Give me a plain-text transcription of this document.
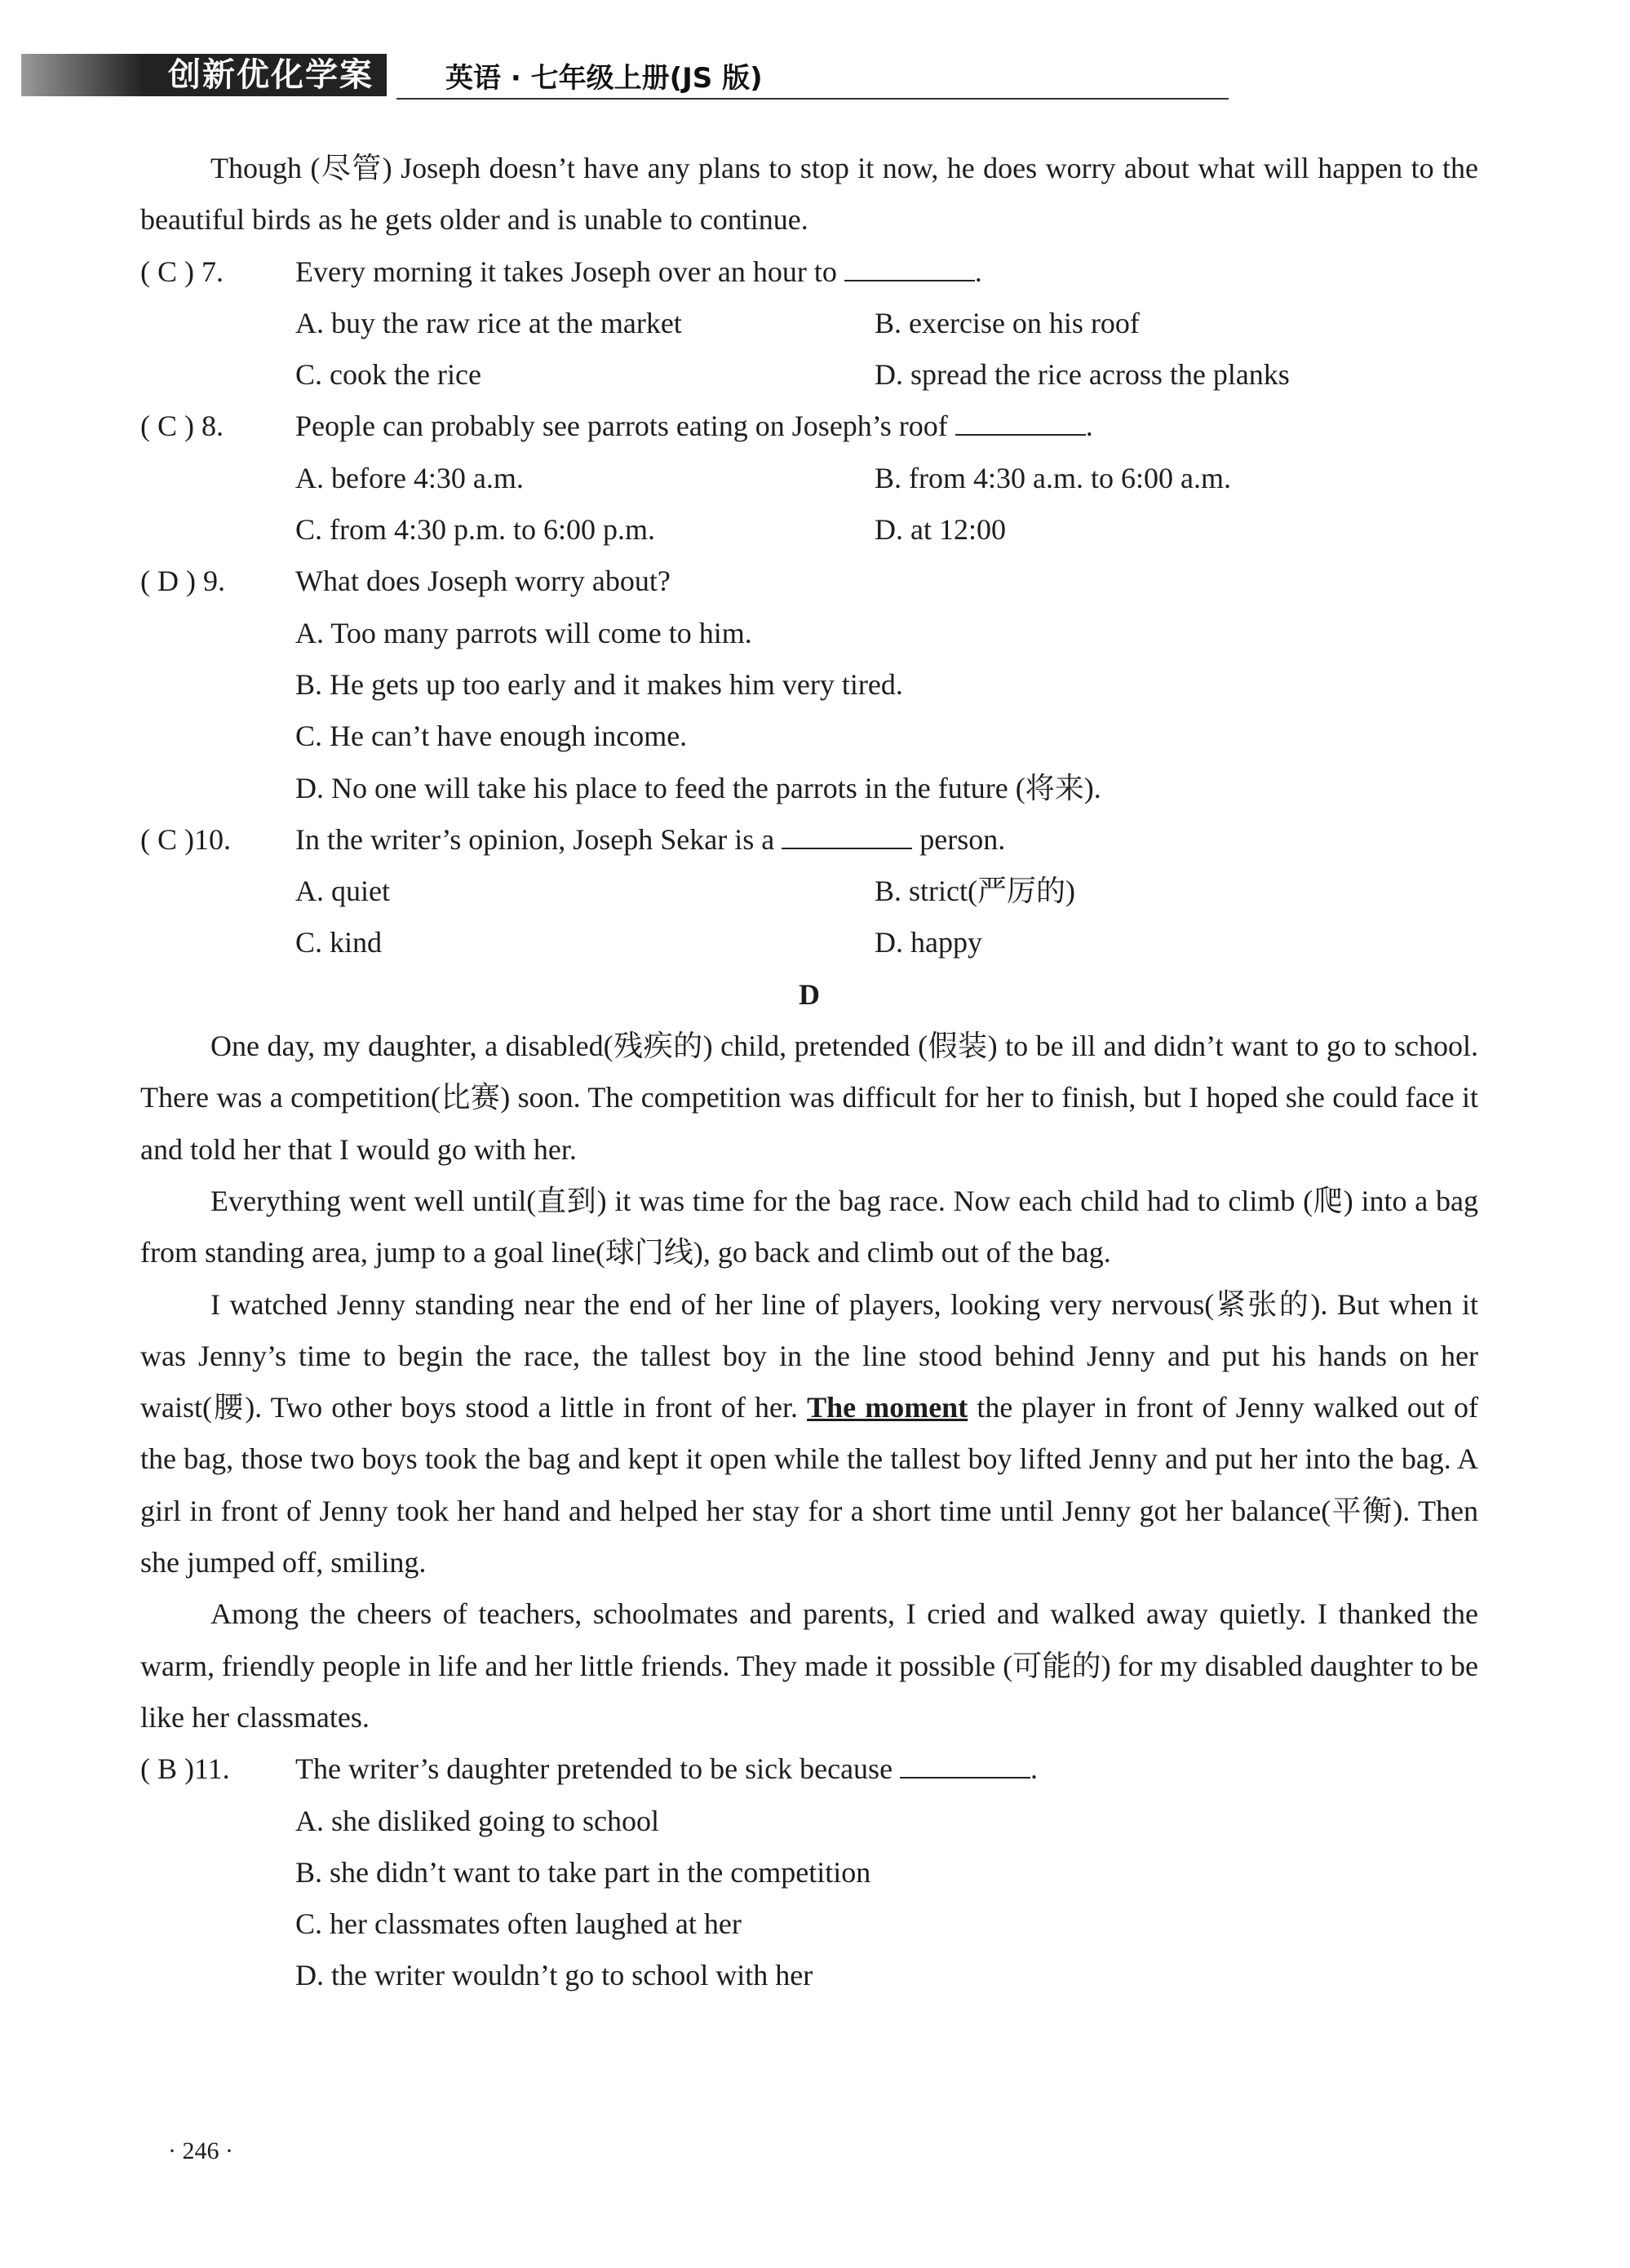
创新优化学案	英语 · 七年级上册(JS 版)

Though (尽管) Joseph doesn’t have any plans to stop it now, he does worry about what will happen to the beautiful birds as he gets older and is unable to continue.

( C ) 7. Every morning it takes Joseph over an hour to	.

A. buy the raw rice at the market	B. exercise on his roof
C. cook the rice	D. spread the rice across the planks

( C ) 8. People can probably see parrots eating on Joseph’s roof	.

A. before 4:30 a.m.	B. from 4:30 a.m. to 6:00 a.m.
C. from 4:30 p.m. to 6:00 p.m.	D. at 12:00

( D ) 9. What does Joseph worry about?

A. Too many parrots will come to him.
B. He gets up too early and it makes him very tired.
C. He can’t have enough income.
D. No one will take his place to feed the parrots in the future (将来).

( C )10. In the writer’s opinion, Joseph Sekar is a	person.

A. quiet	B. strict(严厉的)
C. kind	D. happy

D

One day, my daughter, a disabled(残疾的) child, pretended (假装) to be ill and didn’t want to go to school. There was a competition(比赛) soon. The competition was difficult for her to finish, but I hoped she could face it and told her that I would go with her.

Everything went well until(直到) it was time for the bag race. Now each child had to climb (爬) into a bag from standing area, jump to a goal line(球门线), go back and climb out of the bag.

I watched Jenny standing near the end of her line of players, looking very nervous(紧张的). But when it was Jenny’s time to begin the race, the tallest boy in the line stood behind Jenny and put his hands on her waist(腰). Two other boys stood a little in front of her. The moment the player in front of Jenny walked out of the bag, those two boys took the bag and kept it open while the tallest boy lifted Jenny and put her into the bag. A girl in front of Jenny took her hand and helped her stay for a short time until Jenny got her balance(平衡). Then she jumped off, smiling.

Among the cheers of teachers, schoolmates and parents, I cried and walked away quietly. I thanked the warm, friendly people in life and her little friends. They made it possible (可能的) for my disabled daughter to be like her classmates.

( B )11. The writer’s daughter pretended to be sick because	.

A. she disliked going to school
B. she didn’t want to take part in the competition
C. her classmates often laughed at her
D. the writer wouldn’t go to school with her
· 246 ·
